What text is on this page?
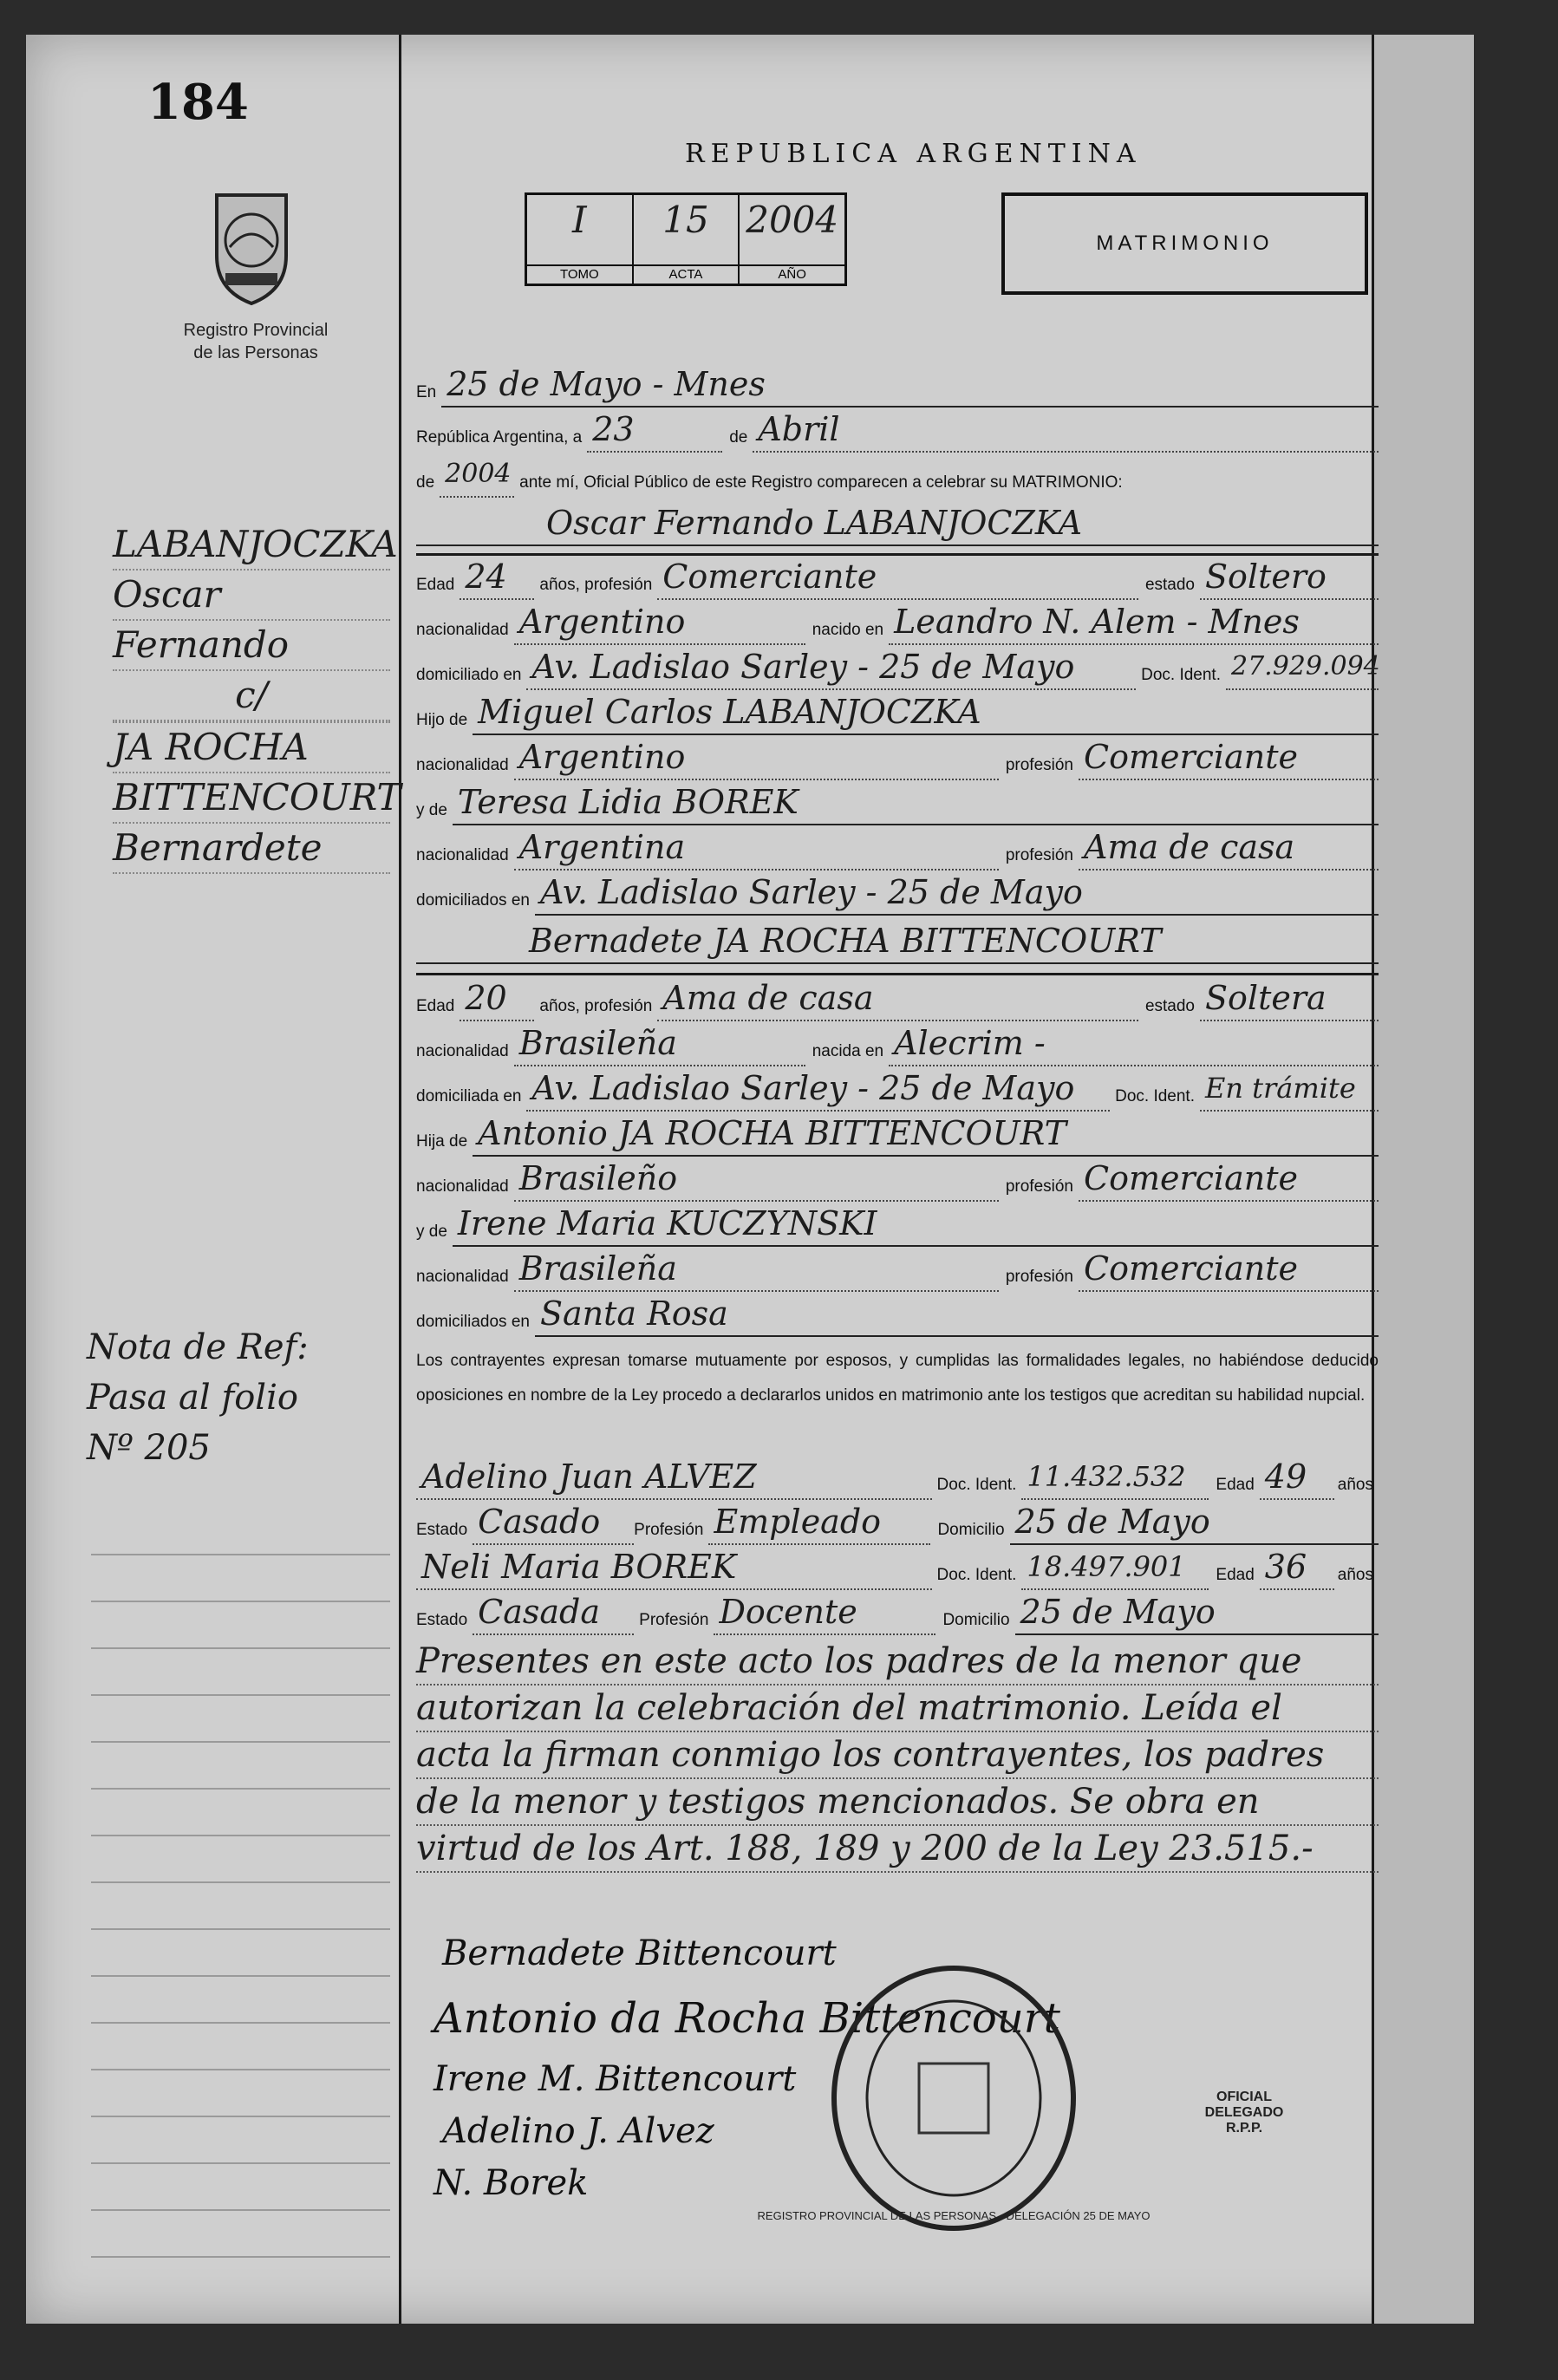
184
Registro Provincial
de las Personas
LABANJOCZKA
Oscar
Fernando
c/
JA ROCHA
BITTENCOURT
Bernardete
Nota de Ref:
Pasa al folio
Nº 205
REPUBLICA ARGENTINA
I
TOMO
15
ACTA
2004
AÑO
MATRIMONIO
En 25 de Mayo - Mnes
República Argentina, a 23	de Abril
de 2004 ante mí, Oficial Público de este Registro comparecen a celebrar su MATRIMONIO:
Oscar Fernando LABANJOCZKA
Edad 24	años, profesión Comerciante	estado Soltero
nacionalidad Argentino	nacido en Leandro N. Alem - Mnes
domiciliado en Av. Ladislao Sarley - 25 de Mayo	Doc. Ident. 27.929.094
Hijo de Miguel Carlos LABANJOCZKA
nacionalidad Argentino	profesión Comerciante
y de Teresa Lidia BOREK
nacionalidad Argentina	profesión Ama de casa
domiciliados en Av. Ladislao Sarley - 25 de Mayo
Bernadete JA ROCHA BITTENCOURT
Edad 20	años, profesión Ama de casa	estado Soltera
nacionalidad Brasileña	nacida en Alecrim -
domiciliada en Av. Ladislao Sarley - 25 de Mayo	Doc. Ident. En trámite
Hija de Antonio JA ROCHA BITTENCOURT
nacionalidad Brasileño	profesión Comerciante
y de Irene Maria KUCZYNSKI
nacionalidad Brasileña	profesión Comerciante
domiciliados en Santa Rosa
Los contrayentes expresan tomarse mutuamente por esposos, y cumplidas las formalidades legales, no habiéndose deducido oposiciones en nombre de la Ley procedo a declararlos unidos en matrimonio ante los testigos que acreditan su habilidad nupcial.
Adelino Juan ALVEZ	Doc. Ident. 11.432.532	Edad 49	años
Estado Casado	Profesión Empleado	Domicilio 25 de Mayo
Neli Maria BOREK	Doc. Ident. 18.497.901	Edad 36	años
Estado Casada	Profesión Docente	Domicilio 25 de Mayo
Presentes en este acto los padres de la menor que
autorizan la celebración del matrimonio. Leída el
acta la firman conmigo los contrayentes, los padres
de la menor y testigos mencionados. Se obra en
virtud de los Art. 188, 189 y 200 de la Ley 23.515.-
Bernadete Bittencourt
Antonio da Rocha Bittencourt
Irene M. Bittencourt
Adelino J. Alvez
N. Borek
REGISTRO PROVINCIAL DE LAS PERSONAS - DELEGACIÓN 25 DE MAYO
OFICIAL
DELEGADO
R.P.P.
